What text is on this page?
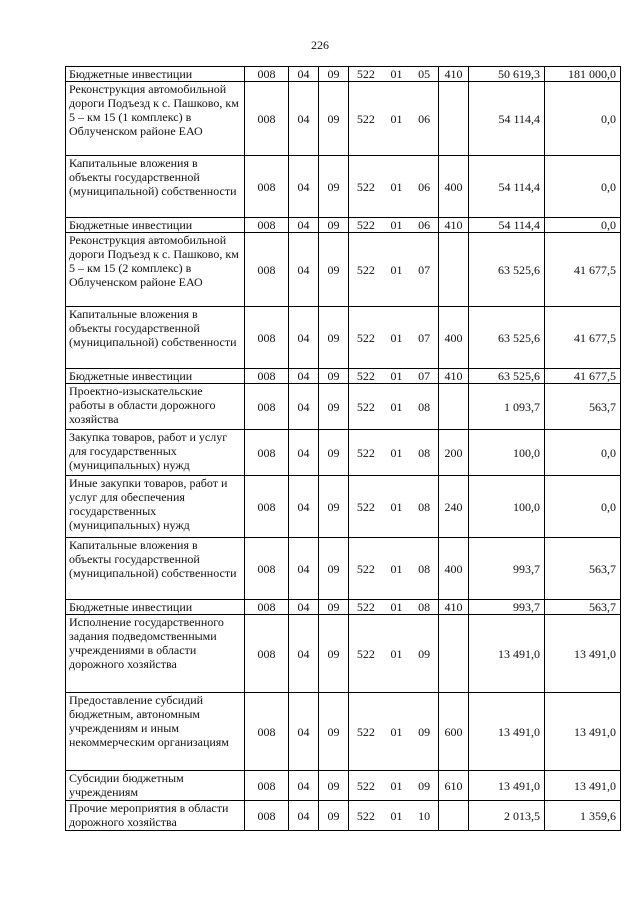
226
Бюджетные инвестиции	008	04	09	522 01 05	410	50 619,3	181 000,0
Реконструкция автомобильной дороги Подъезд к с. Пашково, км 5 – км 15 (1 комплекс) в Облученском районе ЕАО	008	04	09	522 01 06		54 114,4	0,0
Капитальные вложения в объекты государственной (муниципальной) собственности	008	04	09	522 01 06	400	54 114,4	0,0
Бюджетные инвестиции	008	04	09	522 01 06	410	54 114,4	0,0
Реконструкция автомобильной дороги Подъезд к с. Пашково, км 5 – км 15 (2 комплекс) в Облученском районе ЕАО	008	04	09	522 01 07		63 525,6	41 677,5
Капитальные вложения в объекты государственной (муниципальной) собственности	008	04	09	522 01 07	400	63 525,6	41 677,5
Бюджетные инвестиции	008	04	09	522 01 07	410	63 525,6	41 677,5
Проектно-изыскательские работы в области дорожного хозяйства	008	04	09	522 01 08		1 093,7	563,7
Закупка товаров, работ и услуг для государственных (муниципальных) нужд	008	04	09	522 01 08	200	100,0	0,0
Иные закупки товаров, работ и услуг для обеспечения государственных (муниципальных) нужд	008	04	09	522 01 08	240	100,0	0,0
Капитальные вложения в объекты государственной (муниципальной) собственности	008	04	09	522 01 08	400	993,7	563,7
Бюджетные инвестиции	008	04	09	522 01 08	410	993,7	563,7
Исполнение государственного задания подведомственными учреждениями в области дорожного хозяйства	008	04	09	522 01 09		13 491,0	13 491,0
Предоставление субсидий бюджетным, автономным учреждениям и иным некоммерческим организациям	008	04	09	522 01 09	600	13 491,0	13 491,0
Субсидии бюджетным учреждениям	008	04	09	522 01 09	610	13 491,0	13 491,0
Прочие мероприятия в области дорожного хозяйства	008	04	09	522 01 10		2 013,5	1 359,6
